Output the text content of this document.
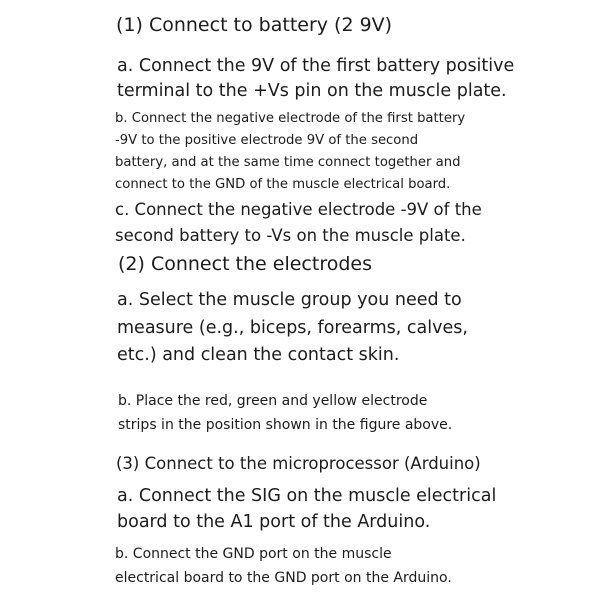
(1) Connect to battery (2 9V)
a. Connect the 9V of the first battery positive
terminal to the +Vs pin on the muscle plate.
b. Connect the negative electrode of the first battery
-9V to the positive electrode 9V of the second
battery, and at the same time connect together and
connect to the GND of the muscle electrical board.
c. Connect the negative electrode -9V of the
second battery to -Vs on the muscle plate.
(2) Connect the electrodes
a. Select the muscle group you need to
measure (e.g., biceps, forearms, calves,
etc.) and clean the contact skin.
b. Place the red, green and yellow electrode
strips in the position shown in the figure above.
(3) Connect to the microprocessor (Arduino)
a. Connect the SIG on the muscle electrical
board to the A1 port of the Arduino.
b. Connect the GND port on the muscle
electrical board to the GND port on the Arduino.
